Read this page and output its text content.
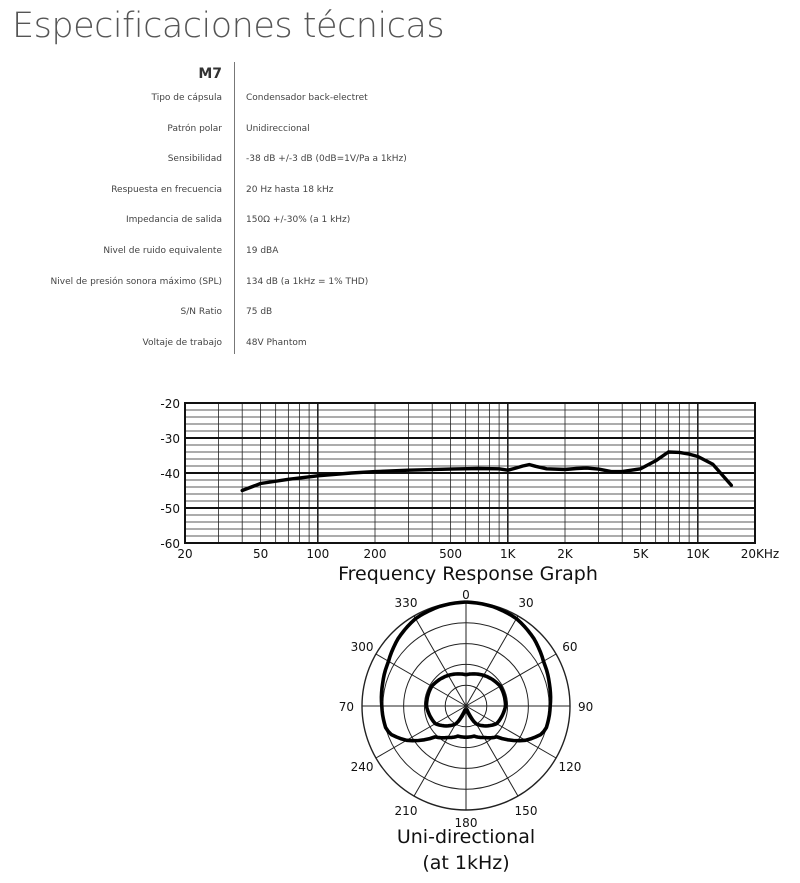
Especificaciones técnicas
M7
Tipo de cápsula	Condensador back-electret
Patrón polar	Unidireccional
Sensibilidad	-38 dB +/-3 dB (0dB=1V/Pa a 1kHz)
Respuesta en frecuencia	20 Hz hasta 18 kHz
Impedancia de salida	150Ω +/-30% (a 1 kHz)
Nivel de ruido equivalente	19 dBA
Nivel de presión sonora máximo (SPL)	134 dB (a 1kHz = 1% THD)
S/N Ratio	75 dB
Voltaje de trabajo	48V Phantom
-20
-30
-40
-50
-60
20	50	100	200	500	1K	2K	5K	10K	20KHz
Frequency Response Graph
0
30
60
90
120
150
180
210
240
70
300
330
Uni-directional
(at 1kHz)
